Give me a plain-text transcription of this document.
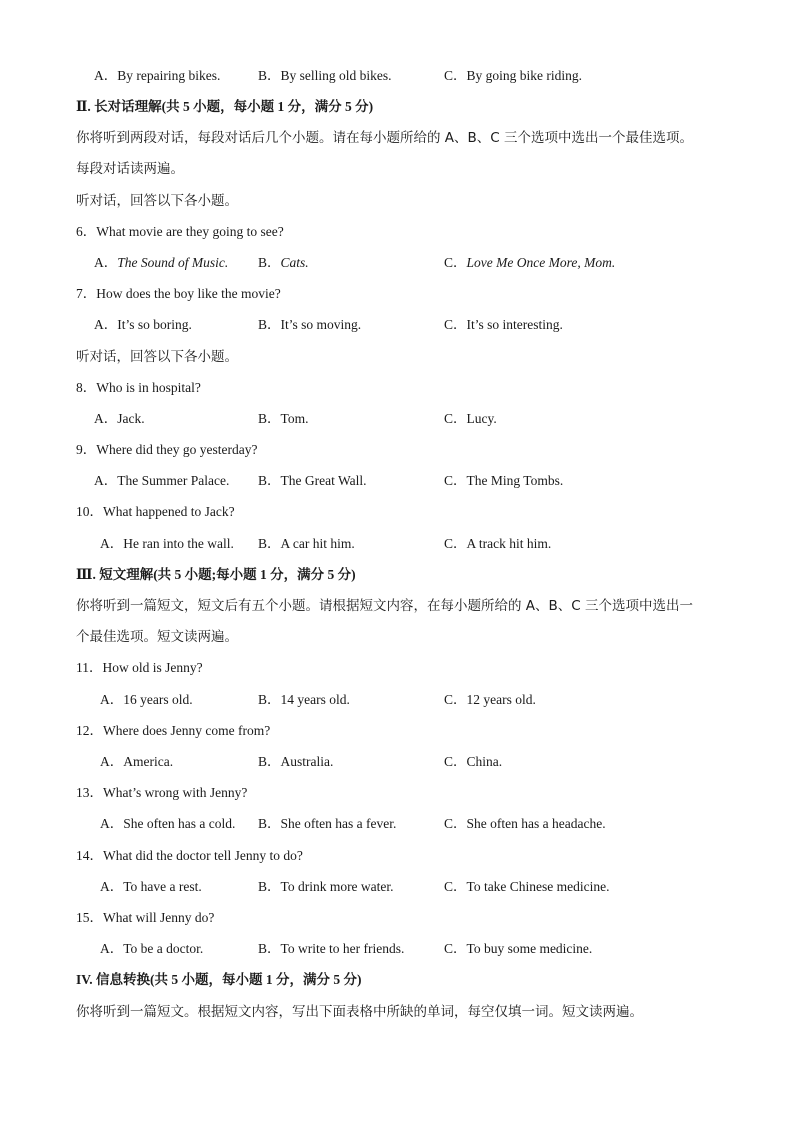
A．By repairing bikes.	B．By selling old bikes.	C．By going bike riding.
Ⅱ. 长对话理解(共 5 小题，每小题 1 分，满分 5 分)
你将听到两段对话，每段对话后几个小题。请在每小题所给的 A、B、C 三个选项中选出一个最佳选项。
每段对话读两遍。
听对话，回答以下各小题。
6．What movie are they going to see?
A．The Sound of Music. B．Cats.	C．Love Me Once More, Mom.
7．How does the boy like the movie?
A．It’s so boring.	B．It’s so moving.	C．It’s so interesting.
听对话，回答以下各小题。
8．Who is in hospital?
A．Jack.	B．Tom.	C．Lucy.
9．Where did they go yesterday?
A．The Summer Palace. B．The Great Wall.	C．The Ming Tombs.
10．What happened to Jack?
A．He ran into the wall. B．A car hit him.	C．A track hit him.
Ⅲ. 短文理解(共 5 小题;每小题 1 分，满分 5 分)
你将听到一篇短文，短文后有五个小题。请根据短文内容，在每小题所给的 A、B、C 三个选项中选出一
个最佳选项。短文读两遍。
11．How old is Jenny?
A．16 years old.	B．14 years old.	C．12 years old.
12．Where does Jenny come from?
A．America.	B．Australia.	C．China.
13．What’s wrong with Jenny?
A．She often has a cold. B．She often has a fever.	C．She often has a headache.
14．What did the doctor tell Jenny to do?
A．To have a rest.	B．To drink more water.	C．To take Chinese medicine.
15．What will Jenny do?
A．To be a doctor.	B．To write to her friends.	C．To buy some medicine.
IV. 信息转换(共 5 小题，每小题 1 分，满分 5 分)
你将听到一篇短文。根据短文内容，写出下面表格中所缺的单词，每空仅填一词。短文读两遍。
